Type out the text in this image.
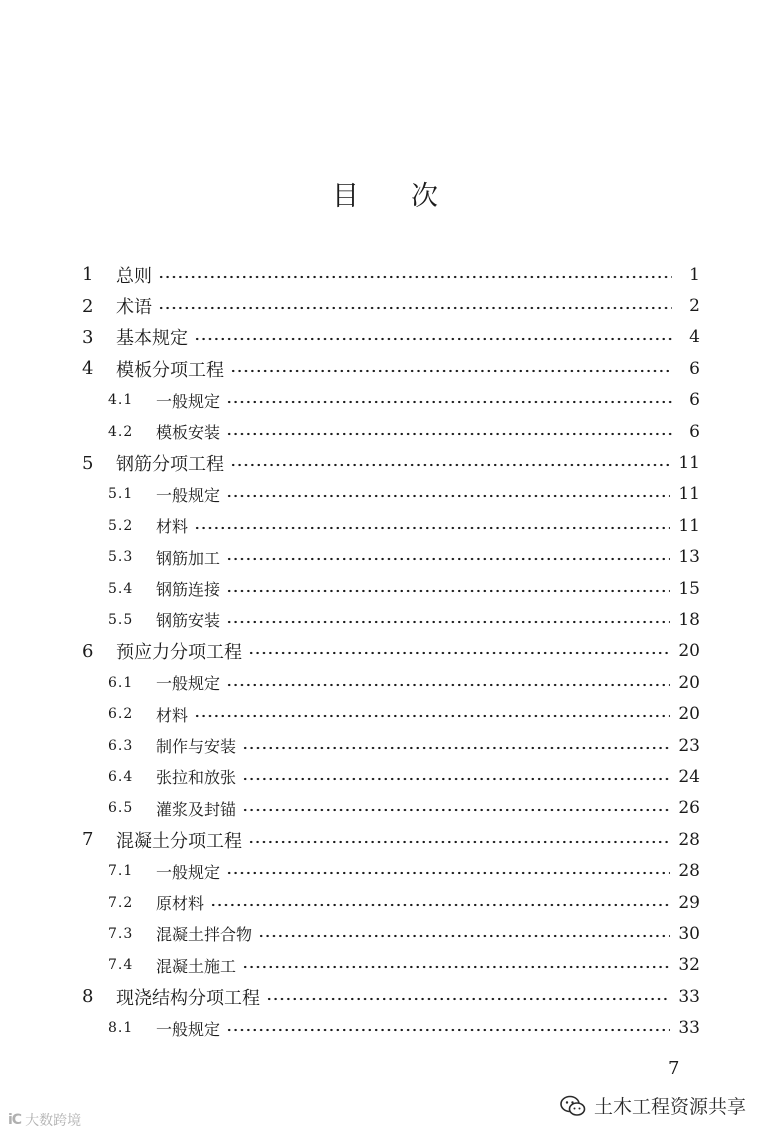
目次
1	总则	1
2	术语	2
3	基本规定	4
4	模板分项工程	6
4.1	一般规定	6
4.2	模板安装	6
5	钢筋分项工程	11
5.1	一般规定	11
5.2	材料	11
5.3	钢筋加工	13
5.4	钢筋连接	15
5.5	钢筋安装	18
6	预应力分项工程	20
6.1	一般规定	20
6.2	材料	20
6.3	制作与安装	23
6.4	张拉和放张	24
6.5	灌浆及封锚	26
7	混凝土分项工程	28
7.1	一般规定	28
7.2	原材料	29
7.3	混凝土拌合物	30
7.4	混凝土施工	32
8	现浇结构分项工程	33
8.1	一般规定	33
7
iC 大数跨境
土木工程资源共享
